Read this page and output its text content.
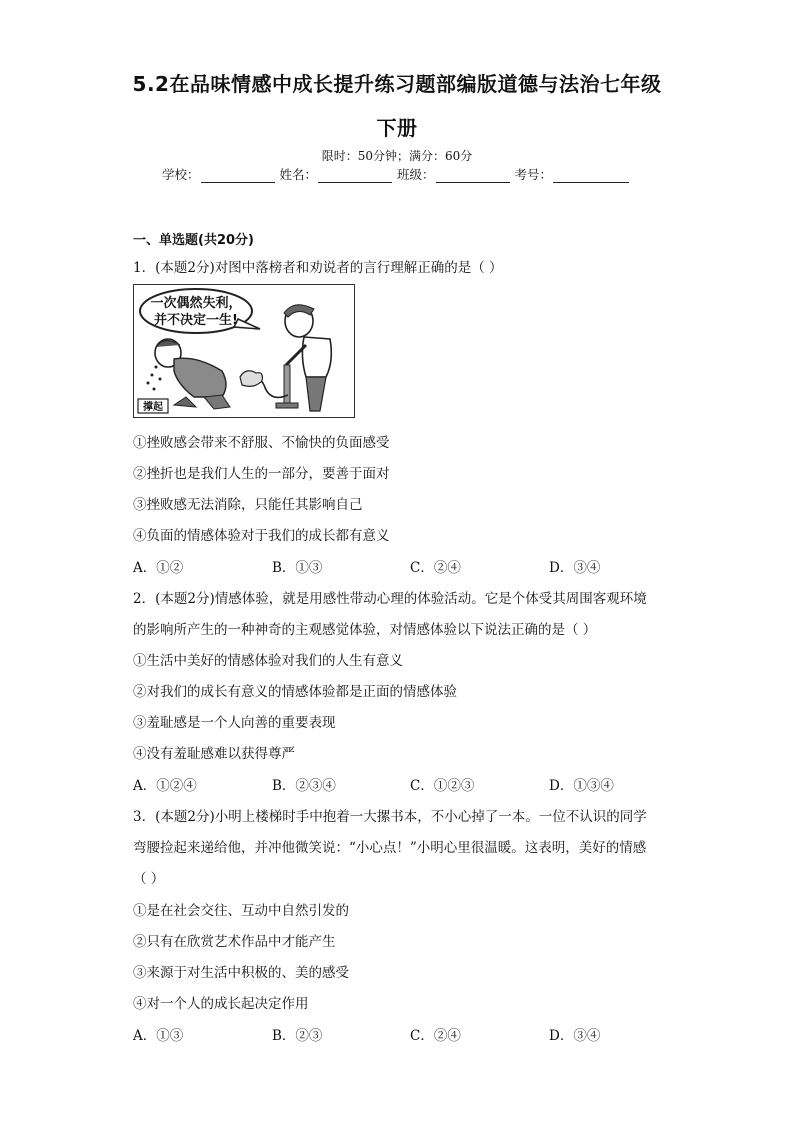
5.2在品味情感中成长提升练习题部编版道德与法治七年级
下册
限时：50分钟；满分：60分
学校：	姓名：	班级：	考号：
一、单选题(共20分)
1．(本题2分)对图中落榜者和劝说者的言行理解正确的是（ ）
一次偶然失利，
并不决定一生!
撑起
①挫败感会带来不舒服、不愉快的负面感受
②挫折也是我们人生的一部分，要善于面对
③挫败感无法消除，只能任其影响自己
④负面的情感体验对于我们的成长都有意义
A．①②	B．①③	C．②④	D．③④
2．(本题2分)情感体验，就是用感性带动心理的体验活动。它是个体受其周围客观环境
的影响所产生的一种神奇的主观感觉体验，对情感体验以下说法正确的是（ ）
①生活中美好的情感体验对我们的人生有意义
②对我们的成长有意义的情感体验都是正面的情感体验
③羞耻感是一个人向善的重要表现
④没有羞耻感难以获得尊严
A．①②④	B．②③④	C．①②③	D．①③④
3．(本题2分)小明上楼梯时手中抱着一大摞书本，不小心掉了一本。一位不认识的同学
弯腰捡起来递给他，并冲他微笑说：“小心点！”小明心里很温暖。这表明，美好的情感
（ ）
①是在社会交往、互动中自然引发的
②只有在欣赏艺术作品中才能产生
③来源于对生活中积极的、美的感受
④对一个人的成长起决定作用
A．①③	B．②③	C．②④	D．③④
